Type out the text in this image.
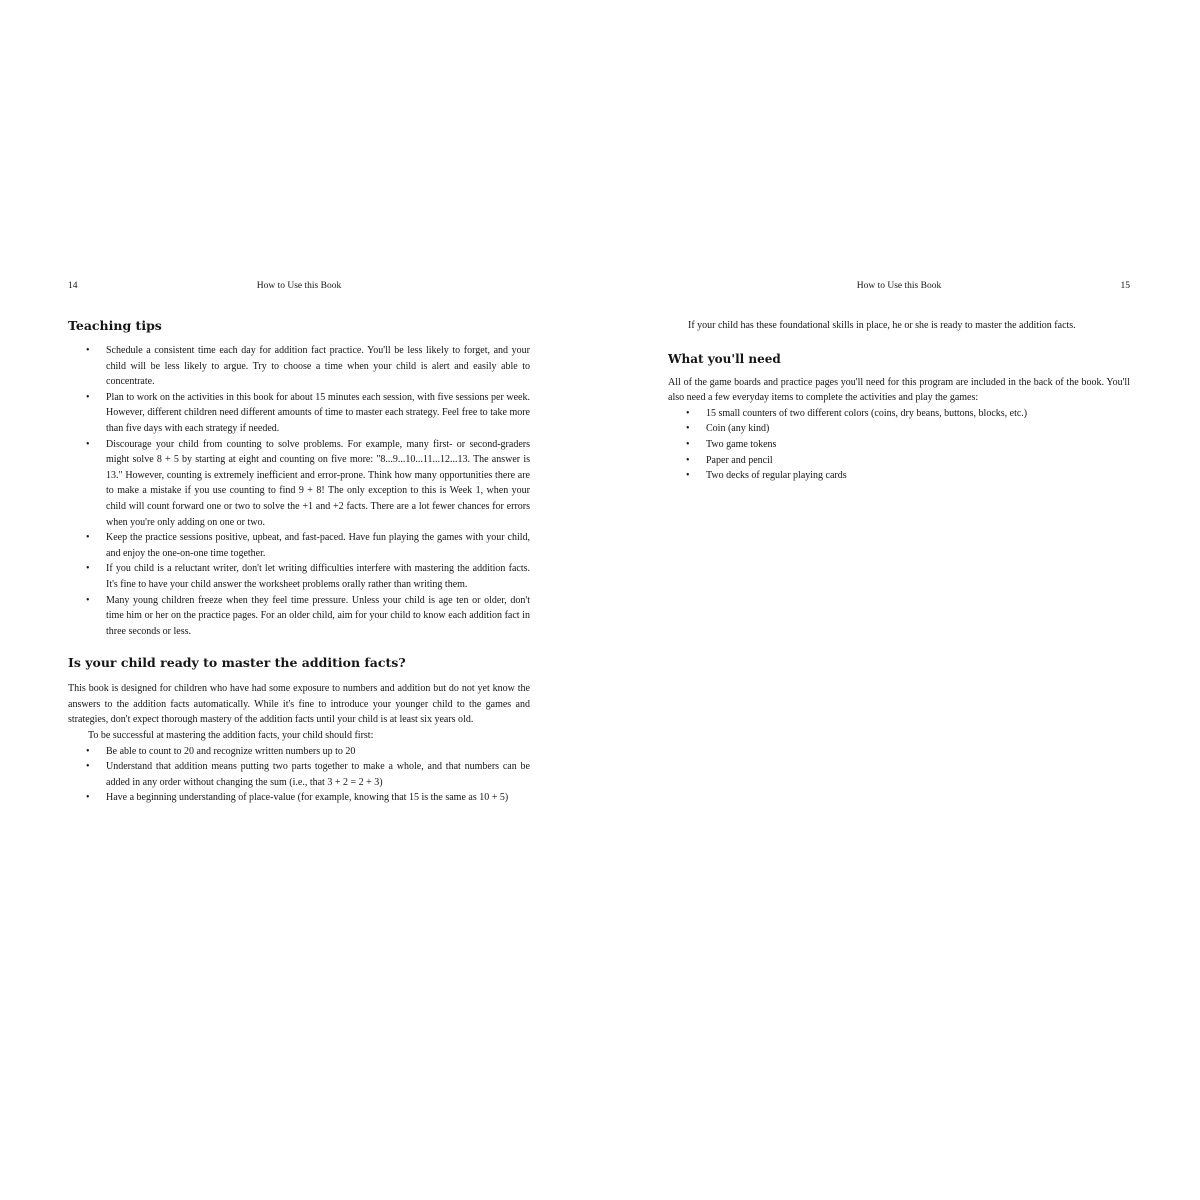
14	How to Use this Book
Teaching tips
• Schedule a consistent time each day for addition fact practice. You'll be less likely to forget, and your child will be less likely to argue. Try to choose a time when your child is alert and easily able to concentrate.
• Plan to work on the activities in this book for about 15 minutes each session, with five sessions per week. However, different children need different amounts of time to master each strategy. Feel free to take more than five days with each strategy if needed.
• Discourage your child from counting to solve problems. For example, many first- or second-graders might solve 8 + 5 by starting at eight and counting on five more: "8...9...10...11...12...13. The answer is 13." However, counting is extremely inefficient and error-prone. Think how many opportunities there are to make a mistake if you use counting to find 9 + 8! The only exception to this is Week 1, when your child will count forward one or two to solve the +1 and +2 facts. There are a lot fewer chances for errors when you're only adding on one or two.
• Keep the practice sessions positive, upbeat, and fast-paced. Have fun playing the games with your child, and enjoy the one-on-one time together.
• If you child is a reluctant writer, don't let writing difficulties interfere with mastering the addition facts. It's fine to have your child answer the worksheet problems orally rather than writing them.
• Many young children freeze when they feel time pressure. Unless your child is age ten or older, don't time him or her on the practice pages. For an older child, aim for your child to know each addition fact in three seconds or less.
Is your child ready to master the addition facts?

This book is designed for children who have had some exposure to numbers and addition but do not yet know the answers to the addition facts automatically. While it's fine to introduce your younger child to the games and strategies, don't expect thorough mastery of the addition facts until your child is at least six years old.

To be successful at mastering the addition facts, your child should first:

• Be able to count to 20 and recognize written numbers up to 20
• Understand that addition means putting two parts together to make a whole, and that numbers can be added in any order without changing the sum (i.e., that 3 + 2 = 2 + 3)
• Have a beginning understanding of place-value (for example, knowing that 15 is the same as 10 + 5)
How to Use this Book	15

If your child has these foundational skills in place, he or she is ready to master the addition facts.

What you'll need

All of the game boards and practice pages you'll need for this program are included in the back of the book. You'll also need a few everyday items to complete the activities and play the games:

• 15 small counters of two different colors (coins, dry beans, buttons, blocks, etc.)
• Coin (any kind)
• Two game tokens
• Paper and pencil
• Two decks of regular playing cards
